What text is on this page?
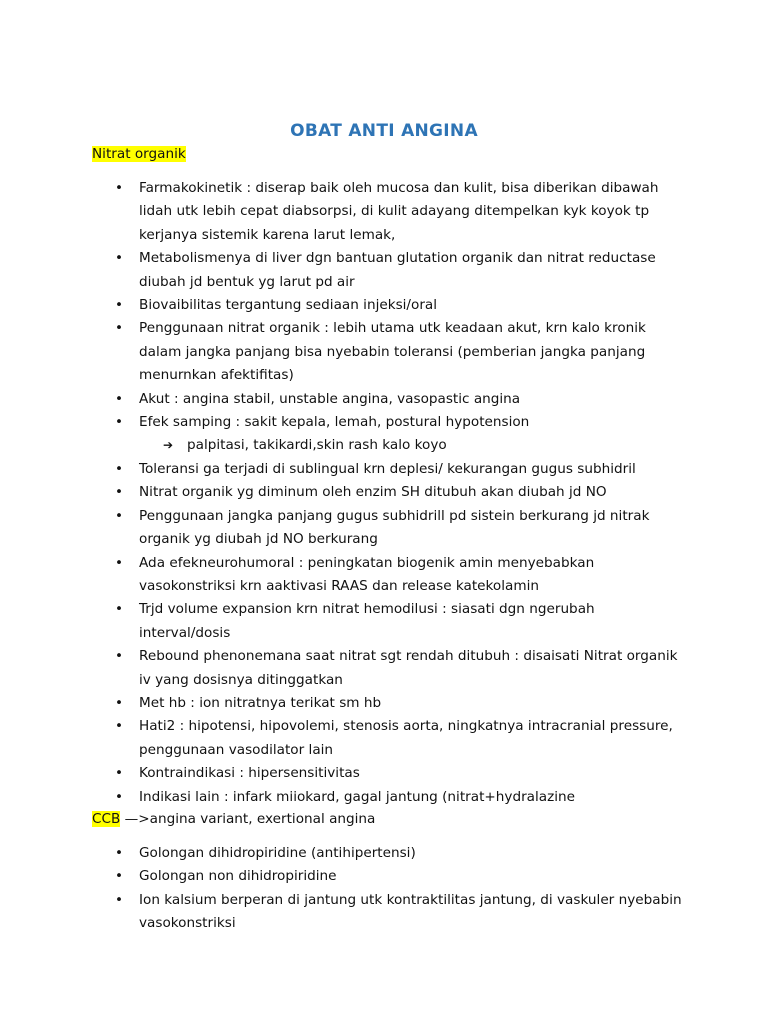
OBAT ANTI ANGINA
Nitrat organik
• Farmakokinetik : diserap baik oleh mucosa dan kulit, bisa diberikan dibawah lidah utk lebih cepat diabsorpsi, di kulit adayang ditempelkan kyk koyok tp kerjanya sistemik karena larut lemak,
• Metabolismenya di liver dgn bantuan glutation organik dan nitrat reductase diubah jd bentuk yg larut pd air
• Biovaibilitas tergantung sediaan injeksi/oral
• Penggunaan nitrat organik : lebih utama utk keadaan akut, krn kalo kronik dalam jangka panjang bisa nyebabin toleransi (pemberian jangka panjang menurnkan afektifitas)
• Akut : angina stabil, unstable angina, vasopastic angina
• Efek samping : sakit kepala, lemah, postural hypotension
➔ palpitasi, takikardi,skin rash kalo koyo
• Toleransi ga terjadi di sublingual krn deplesi/ kekurangan gugus subhidril
• Nitrat organik yg diminum oleh enzim SH ditubuh akan diubah jd NO
• Penggunaan jangka panjang gugus subhidrill pd sistein berkurang jd nitrak organik yg diubah jd NO berkurang
• Ada efekneurohumoral : peningkatan biogenik amin menyebabkan vasokonstriksi krn aaktivasi RAAS dan release katekolamin
• Trjd volume expansion krn nitrat hemodilusi : siasati dgn ngerubah interval/dosis
• Rebound phenonemana saat nitrat sgt rendah ditubuh : disaisati Nitrat organik iv yang dosisnya ditinggatkan
• Met hb : ion nitratnya terikat sm hb
• Hati2 : hipotensi, hipovolemi, stenosis aorta, ningkatnya intracranial pressure, penggunaan vasodilator lain
• Kontraindikasi : hipersensitivitas
• Indikasi lain : infark miiokard, gagal jantung (nitrat+hydralazine
CCB —>angina variant, exertional angina
• Golongan dihidropiridine (antihipertensi)
• Golongan non dihidropiridine
• Ion kalsium berperan di jantung utk kontraktilitas jantung, di vaskuler nyebabin vasokonstriksi
